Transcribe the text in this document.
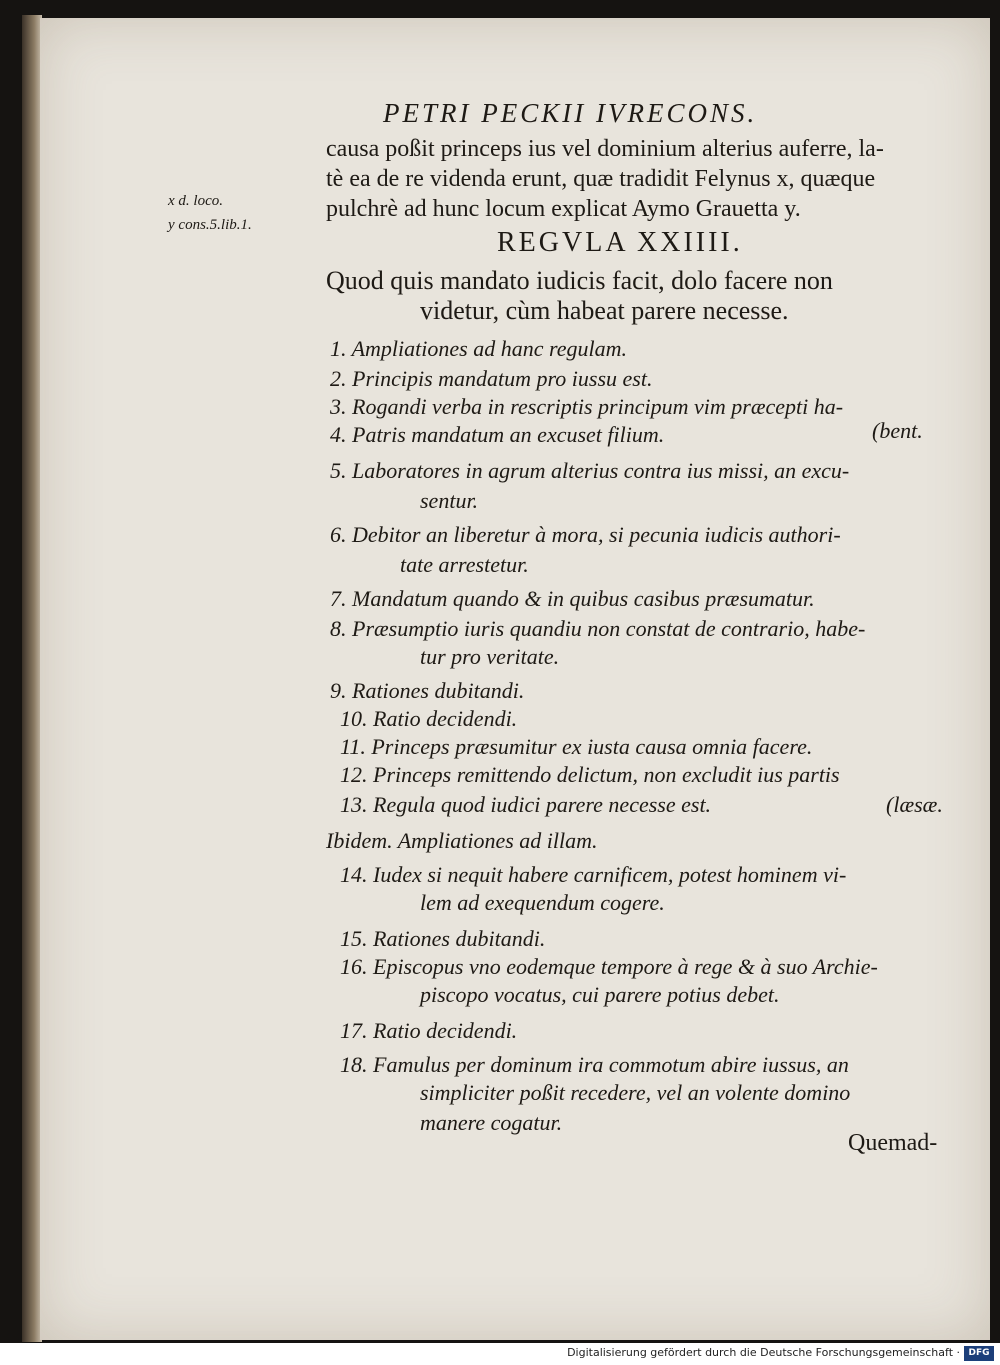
PETRI PECKII IVRECONS.
causa poßit princeps ius vel dominium alterius auferre, la-
tè ea de re videnda erunt, quæ tradidit Felynus x, quæque
pulchrè ad hunc locum explicat Aymo Grauetta y.
x d. loco.
y cons.5.lib.1.
REGVLA XXIIII.
Quod quis mandato iudicis facit, dolo facere non
videtur, cùm habeat parere necesse.
1. Ampliationes ad hanc regulam.
2. Principis mandatum pro iussu est.
3. Rogandi verba in rescriptis principum vim præcepti ha-
4. Patris mandatum an excuset filium.	(bent.
5. Laboratores in agrum alterius contra ius missi, an excu-
sentur.
6. Debitor an liberetur à mora, si pecunia iudicis authori-
tate arrestetur.
7. Mandatum quando & in quibus casibus præsumatur.
8. Præsumptio iuris quandiu non constat de contrario, habe-
tur pro veritate.
9. Rationes dubitandi.
10. Ratio decidendi.
11. Princeps præsumitur ex iusta causa omnia facere.
12. Princeps remittendo delictum, non excludit ius partis
13. Regula quod iudici parere necesse est.	(læsæ.
Ibidem. Ampliationes ad illam.
14. Iudex si nequit habere carnificem, potest hominem vi-
lem ad exequendum cogere.
15. Rationes dubitandi.
16. Episcopus vno eodemque tempore à rege & à suo Archie-
piscopo vocatus, cui parere potius debet.
17. Ratio decidendi.
18. Famulus per dominum ira commotum abire iussus, an
simpliciter poßit recedere, vel an volente domino
manere cogatur.
Quemad-
Digitalisierung gefördert durch die Deutsche Forschungsgemeinschaft · DFG
